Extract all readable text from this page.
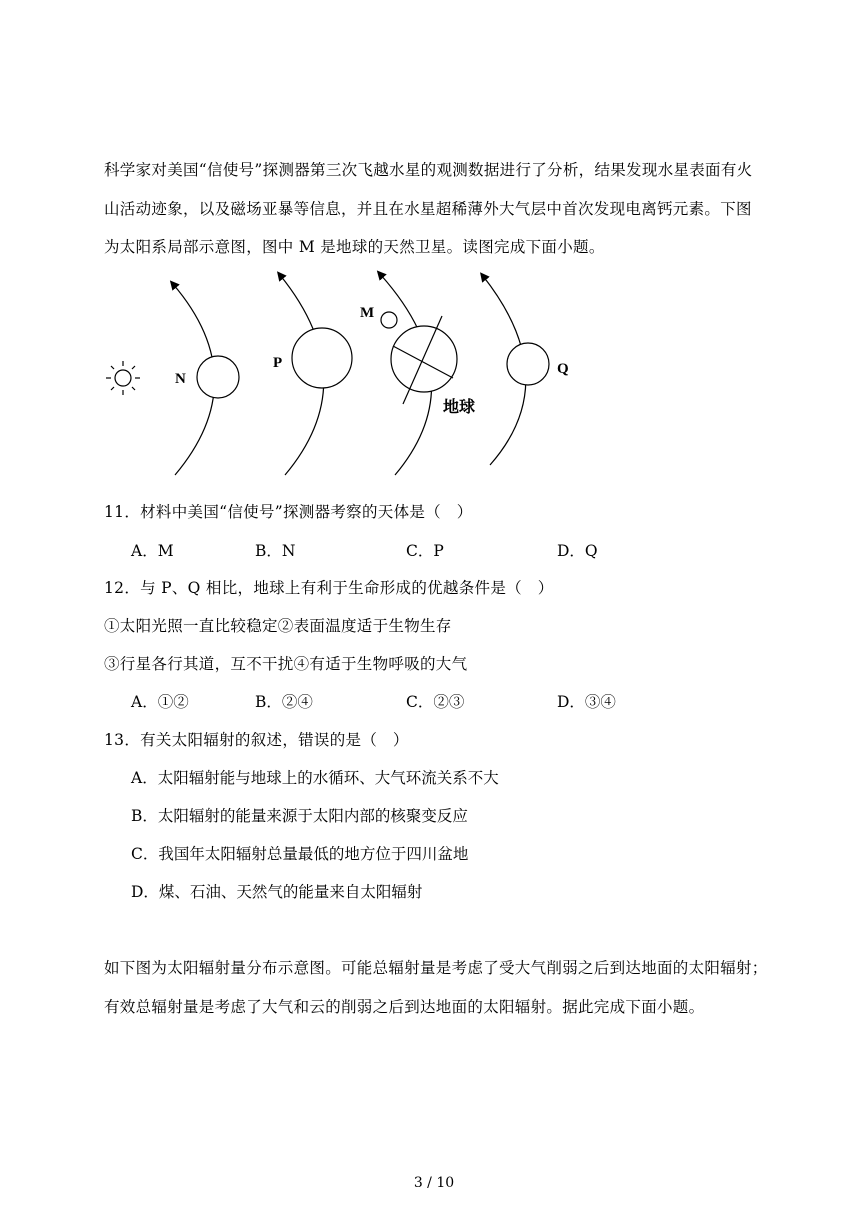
科学家对美国“信使号”探测器第三次飞越水星的观测数据进行了分析，结果发现水星表面有火
山活动迹象，以及磁场亚暴等信息，并且在水星超稀薄外大气层中首次发现电离钙元素。下图
为太阳系局部示意图，图中 M 是地球的天然卫星。读图完成下面小题。
N
P
M
地球
Q
11．材料中美国“信使号”探测器考察的天体是（　）
A．M	B．N	C．P	D．Q
12．与 P、Q 相比，地球上有利于生命形成的优越条件是（　）
①太阳光照一直比较稳定②表面温度适于生物生存
③行星各行其道，互不干扰④有适于生物呼吸的大气
A．①②	B．②④	C．②③	D．③④
13．有关太阳辐射的叙述，错误的是（　）
A．太阳辐射能与地球上的水循环、大气环流关系不大
B．太阳辐射的能量来源于太阳内部的核聚变反应
C．我国年太阳辐射总量最低的地方位于四川盆地
D．煤、石油、天然气的能量来自太阳辐射
如下图为太阳辐射量分布示意图。可能总辐射量是考虑了受大气削弱之后到达地面的太阳辐射；
有效总辐射量是考虑了大气和云的削弱之后到达地面的太阳辐射。据此完成下面小题。
3 / 10
